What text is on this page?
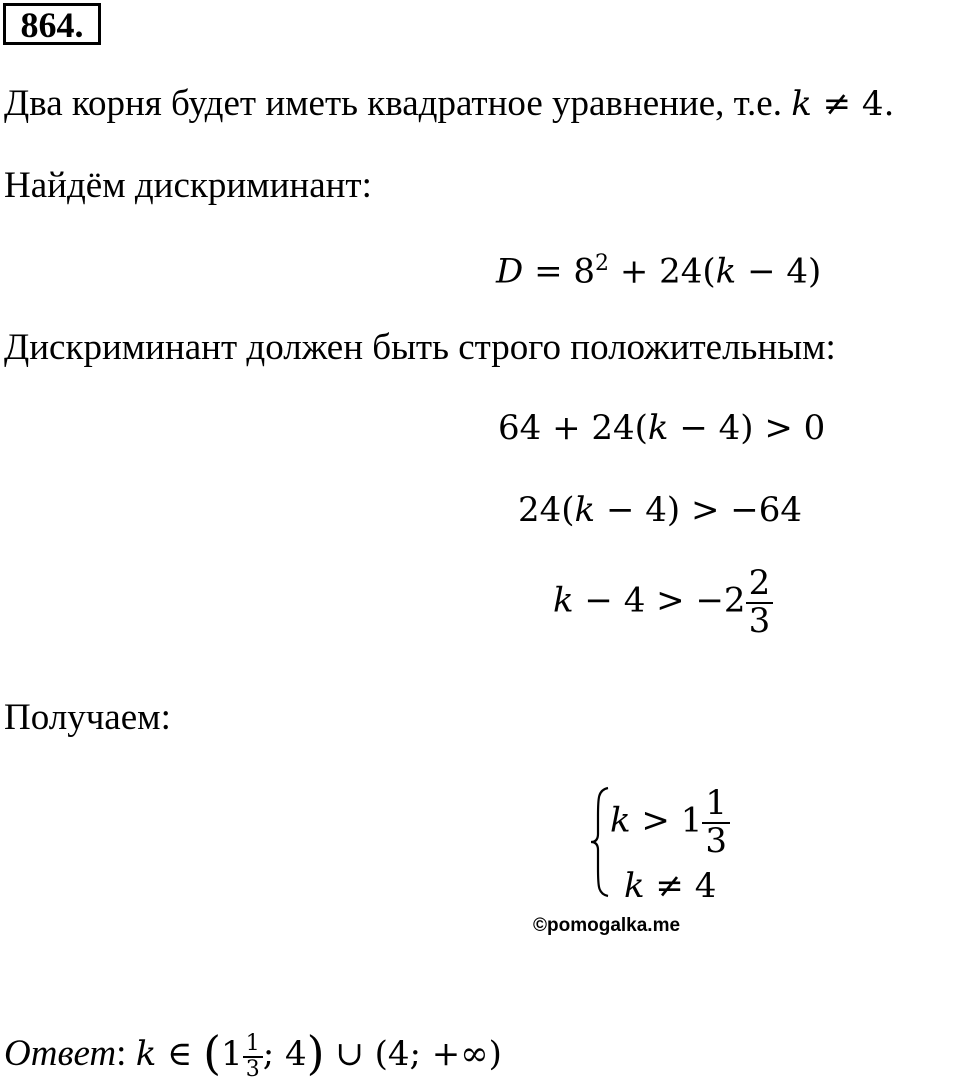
864.
Два корня будет иметь квадратное уравнение, т.е. k ≠ 4.
Найдём дискриминант:
$D = 8^2 + 24(k - 4)$
Дискриминант должен быть строго положительным:
64 + 24(k − 4) > 0
24(k − 4) > −64
$k - 4 > -2 \frac{2}{3}$
Получаем:
$k > 1 \frac{1}{3}$
k ≠ 4
©pomogalka.me
Ответ: k ∈ ($1 \frac{1}{3}$ ; 4) ∪ (4; +∞)
